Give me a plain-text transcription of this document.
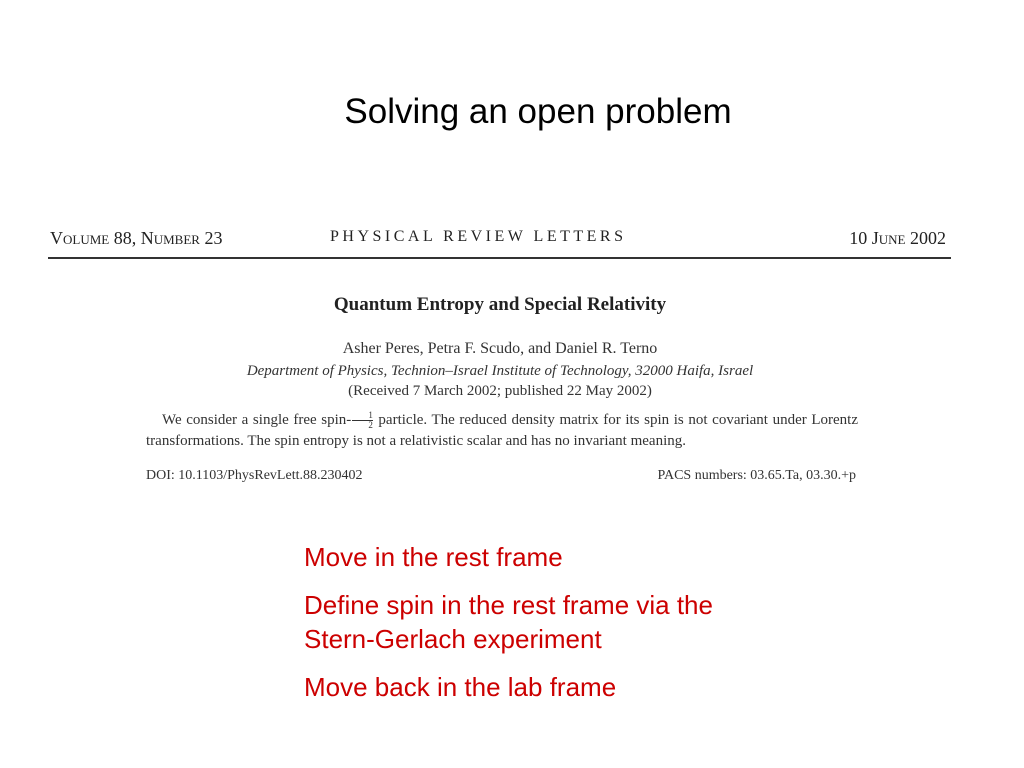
Solving an open problem
Volume 88, Number 23	PHYSICAL REVIEW LETTERS	10 June 2002
Quantum Entropy and Special Relativity
Asher Peres, Petra F. Scudo, and Daniel R. Terno
Department of Physics, Technion–Israel Institute of Technology, 32000 Haifa, Israel
(Received 7 March 2002; published 22 May 2002)
We consider a single free spin- $\frac{1}{2}$ particle. The reduced density matrix for its spin is not covariant under Lorentz transformations. The spin entropy is not a relativistic scalar and has no invariant meaning.
DOI: 10.1103/PhysRevLett.88.230402	PACS numbers: 03.65.Ta, 03.30.+p
Move in the rest frame
Define spin in the rest frame via the Stern-Gerlach experiment
Move back in the lab frame
